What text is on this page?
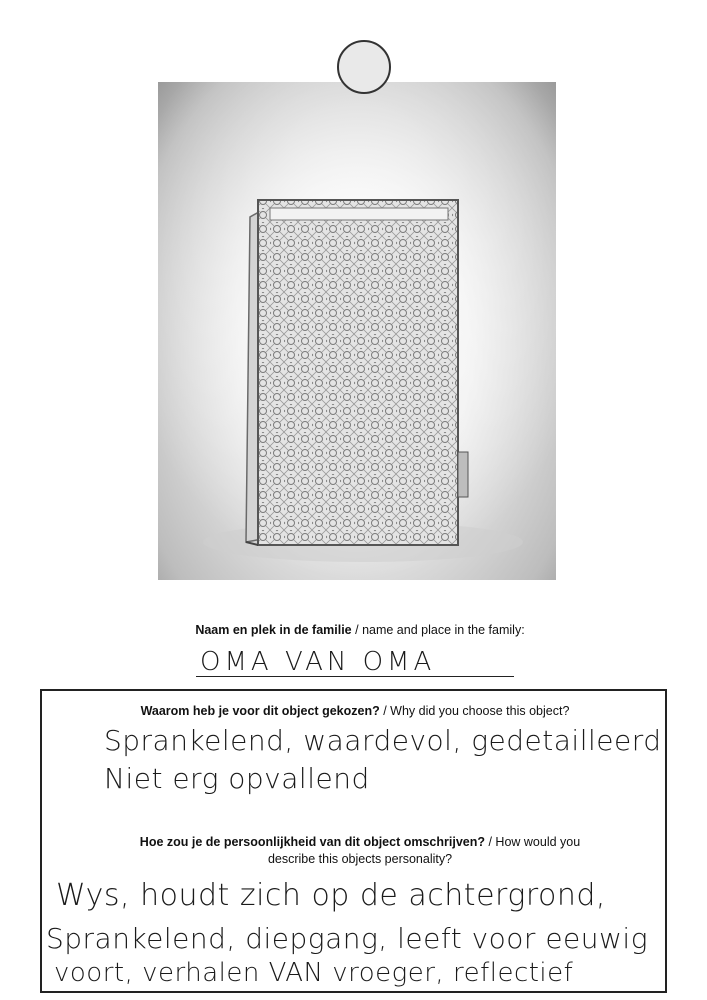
Naam en plek in de familie / name and place in the family:
OMA VAN OMA
Waarom heb je voor dit object gekozen? / Why did you choose this object?
Sprankelend, waardevol, gedetailleerd
Niet erg opvallend
Hoe zou je de persoonlijkheid van dit object omschrijven? / How would you
describe this objects personality?
Wys, houdt zich op de achtergrond,
Sprankelend, diepgang, leeft voor eeuwig
voort, verhalen VAN vroeger, reflectief
